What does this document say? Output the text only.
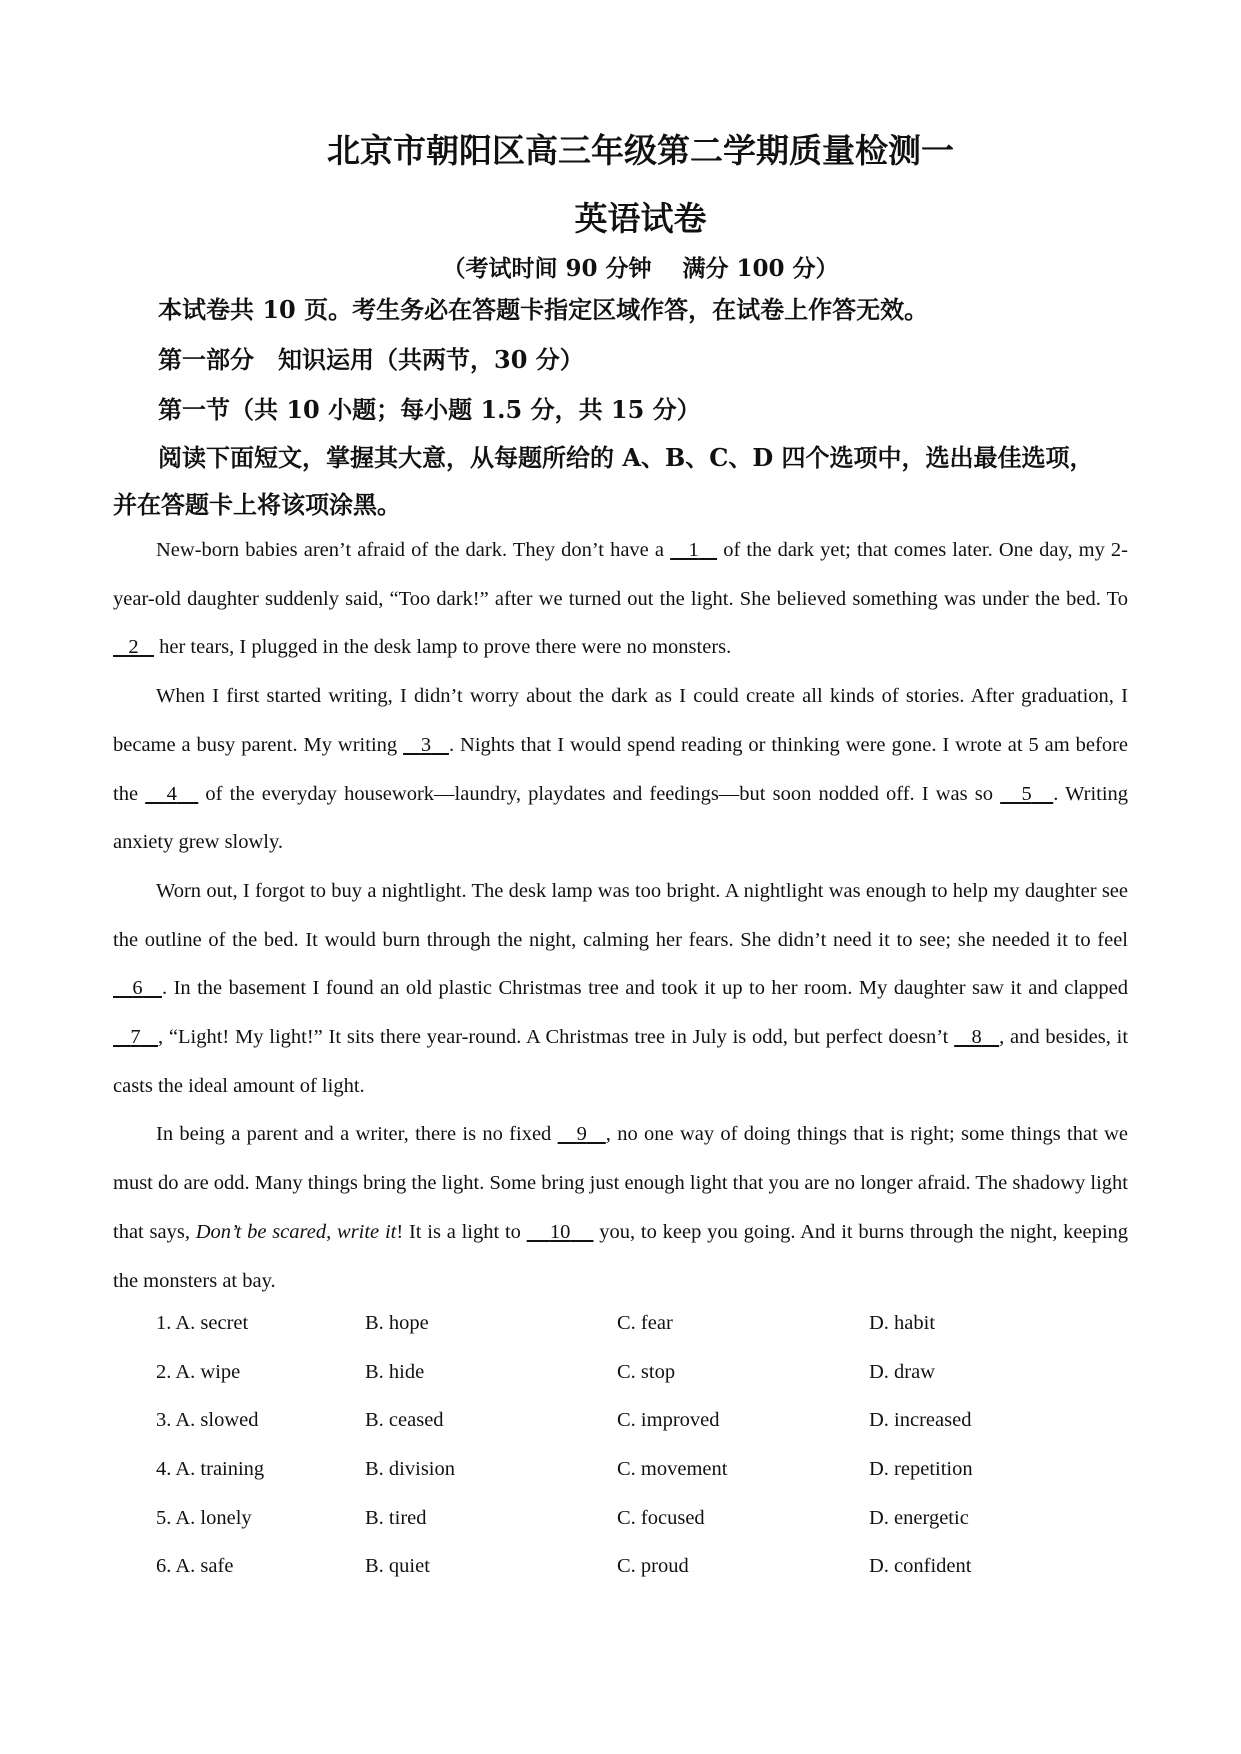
北京市朝阳区高三年级第二学期质量检测一
英语试卷
（考试时间 90 分钟　 满分 100 分）
本试卷共 10 页。考生务必在答题卡指定区域作答，在试卷上作答无效。
第一部分　知识运用（共两节，30 分）
第一节（共 10 小题；每小题 1.5 分，共 15 分）
阅读下面短文，掌握其大意，从每题所给的 A、B、C、D 四个选项中，选出最佳选项，
并在答题卡上将该项涂黑。

New-born babies aren’t afraid of the dark. They don’t have a    1    of the dark yet; that comes later. One day, my 2-year-old daughter suddenly said, “Too dark!” after we turned out the light. She believed something was under the bed. To    2    her tears, I plugged in the desk lamp to prove there were no monsters.

When I first started writing, I didn’t worry about the dark as I could create all kinds of stories. After graduation, I became a busy parent. My writing    3 . Nights that I would spend reading or thinking were gone. I wrote at 5 am before the    4    of the everyday housework—laundry, playdates and feedings—but soon nodded off. I was so    5 . Writing anxiety grew slowly.

Worn out, I forgot to buy a nightlight. The desk lamp was too bright. A nightlight was enough to help my daughter see the outline of the bed. It would burn through the night, calming her fears. She didn’t need it to see; she needed it to feel    6 . In the basement I found an old plastic Christmas tree and took it up to her room. My daughter saw it and clapped    7 , “Light! My light!” It sits there year-round. A Christmas tree in July is odd, but perfect doesn’t    8 , and besides, it casts the ideal amount of light.

In being a parent and a writer, there is no fixed    9 , no one way of doing things that is right; some things that we must do are odd. Many things bring the light. Some bring just enough light that you are no longer afraid. The shadowy light that says, Don’t be scared, write it! It is a light to     10     you, to keep you going. And it burns through the night, keeping the monsters at bay.

1. A. secret	B. hope	C. fear	D. habit
2. A. wipe	B. hide	C. stop	D. draw
3. A. slowed	B. ceased	C. improved	D. increased
4. A. training	B. division	C. movement	D. repetition
5. A. lonely	B. tired	C. focused	D. energetic
6. A. safe	B. quiet	C. proud	D. confident
